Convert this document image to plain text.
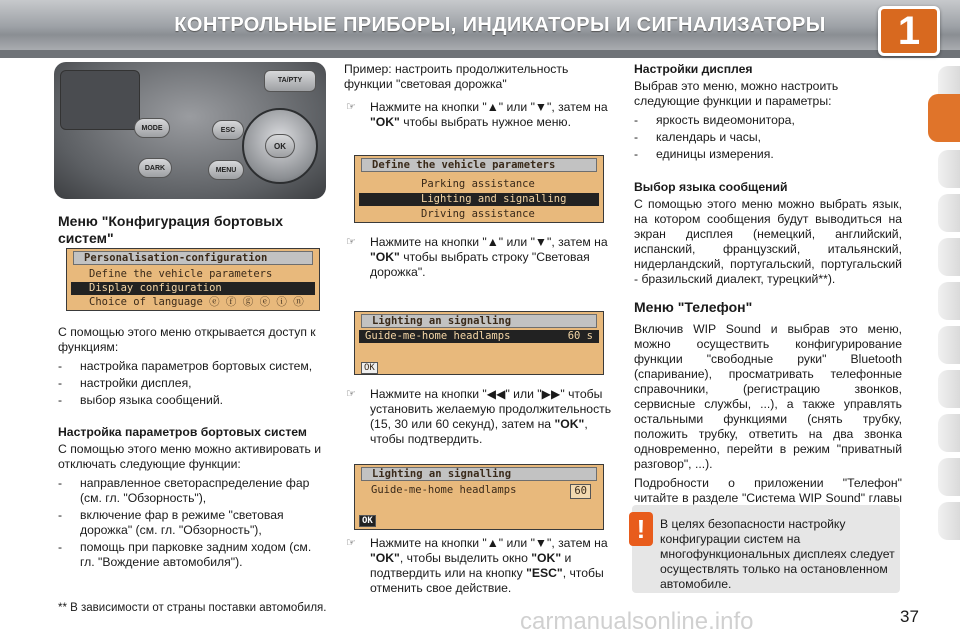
КОНТРОЛЬНЫЕ ПРИБОРЫ, ИНДИКАТОРЫ И СИГНАЛИЗАТОРЫ	1
TA/PTY
MODE
DARK
ESC
MENU
OK
Меню "Конфигурация бортовых систем"
Personalisation-configuration
Define the vehicle parameters
Display configuration
Choice of language ⓔ ⓕ ⓖ ⓔ ⓘ ⓝ

С помощью этого меню открывается доступ к функциям:

- настройка параметров бортовых систем,
- настройки дисплея,
- выбор языка сообщений.
Настройка параметров бортовых систем

С помощью этого меню можно активировать и отключать следующие функции:

- направленное светораспределение фар (см. гл. "Обзорность"),
- включение фар в режиме "световая дорожка" (см. гл. "Обзорность"),
- помощь при парковке задним ходом (см. гл. "Вождение автомобиля").

Пример: настроить продолжительность функции "световая дорожка"

☞ Нажмите на кнопки "▲" или "▼", затем на "OK" чтобы выбрать нужное меню.
Define the vehicle parameters
Parking assistance
Lighting and signalling
Driving assistance
☞ Нажмите на кнопки "▲" или "▼", затем на "OK" чтобы выбрать строку "Световая дорожка".
Lighting an signalling
Guide-me-home headlamps	60 s
OK
☞ Нажмите на кнопки "◀◀" или "▶▶" чтобы установить желаемую продолжительность (15, 30 или 60 секунд), затем на "OK", чтобы подтвердить.
Lighting an signalling
Guide-me-home headlamps	60
OK
☞ Нажмите на кнопки "▲" или "▼", затем на "OK", чтобы выделить окно "OK" и подтвердить или на кнопку "ESC", чтобы отменить свое действие.
Настройки дисплея

Выбрав это меню, можно настроить следующие функции и параметры:

- яркость видеомонитора,
- календарь и часы,
- единицы измерения.
Выбор языка сообщений

С помощью этого меню можно выбрать язык, на котором сообщения будут выводиться на экран дисплея (немецкий, английский, испанский, французский, итальянский, нидерландский, португальский, португальский - бразильский диалект, турецкий**).

Меню "Телефон"

Включив WIP Sound и выбрав это меню, можно осуществить конфигурирование функции "свободные руки" Bluetooth (спаривание), просматривать телефонные справочники, (регистрацию звонков, сервисные службы, ...), а также управлять остальными функциями (снять трубку, положить трубку, ответить на два звонка одновременно, перейти в режим "приватный разговор", ...).

Подробности о приложении "Телефон" читайте в разделе "Система WIP Sound" главы

!	В целях безопасности настройку конфигурации систем на многофункциональных дисплеях следует осуществлять только на остановленном автомобиле.
** В зависимости от страны поставки автомобиля.	carmanualsonline.info	37
